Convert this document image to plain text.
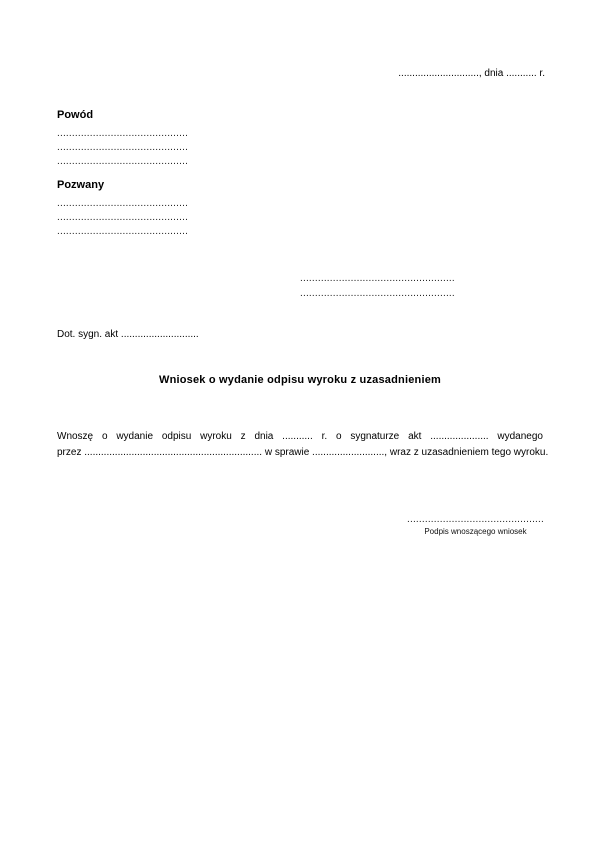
............................., dnia ........... r.
Powód
............................................
............................................
............................................
Pozwany
............................................
............................................
............................................
....................................................
....................................................
Dot. sygn. akt ............................
Wniosek o wydanie odpisu wyroku z uzasadnieniem
Wnoszę o wydanie odpisu wyroku z dnia ........... r. o sygnaturze akt ..................... wydanego
przez ................................................................ w sprawie .........................., wraz z uzasadnieniem tego wyroku.
..............................................
Podpis wnoszącego wniosek
